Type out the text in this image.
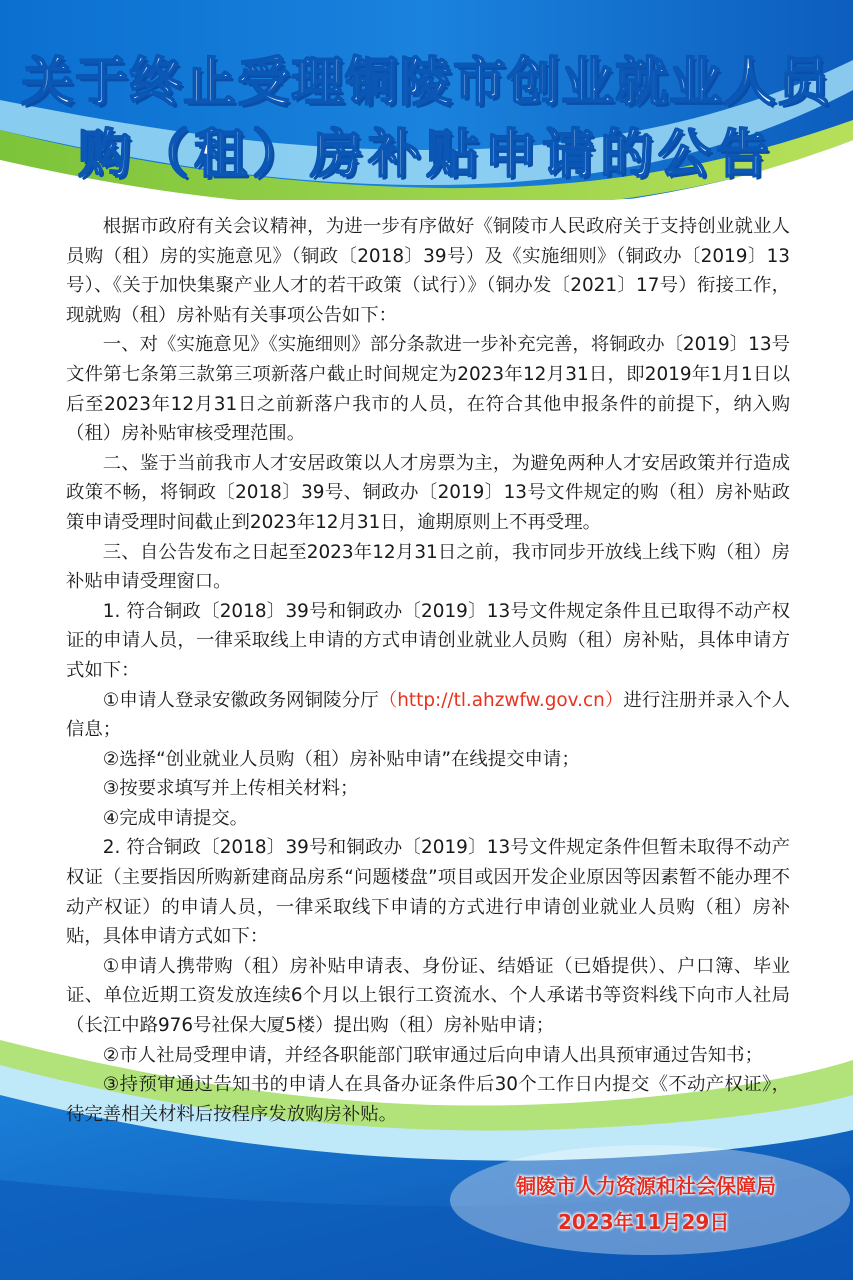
关于终止受理铜陵市创业就业人员
购（租）房补贴申请的公告

根据市政府有关会议精神，为进一步有序做好《铜陵市人民政府关于支持创业就业人员购（租）房的实施意见》（铜政〔2018〕39号）及《实施细则》（铜政办〔2019〕13号）、《关于加快集聚产业人才的若干政策（试行）》（铜办发〔2021〕17号）衔接工作，现就购（租）房补贴有关事项公告如下：

一、对《实施意见》《实施细则》部分条款进一步补充完善，将铜政办〔2019〕13号文件第七条第三款第三项新落户截止时间规定为2023年12月31日，即2019年1月1日以后至2023年12月31日之前新落户我市的人员，在符合其他申报条件的前提下，纳入购（租）房补贴审核受理范围。

二、鉴于当前我市人才安居政策以人才房票为主，为避免两种人才安居政策并行造成政策不畅，将铜政〔2018〕39号、铜政办〔2019〕13号文件规定的购（租）房补贴政策申请受理时间截止到2023年12月31日，逾期原则上不再受理。

三、自公告发布之日起至2023年12月31日之前，我市同步开放线上线下购（租）房补贴申请受理窗口。

1. 符合铜政〔2018〕39号和铜政办〔2019〕13号文件规定条件且已取得不动产权证的申请人员，一律采取线上申请的方式申请创业就业人员购（租）房补贴，具体申请方式如下：

①申请人登录安徽政务网铜陵分厅（http://tl.ahzwfw.gov.cn）进行注册并录入个人信息；

②选择“创业就业人员购（租）房补贴申请”在线提交申请；

③按要求填写并上传相关材料；

④完成申请提交。

2. 符合铜政〔2018〕39号和铜政办〔2019〕13号文件规定条件但暂未取得不动产权证（主要指因所购新建商品房系“问题楼盘”项目或因开发企业原因等因素暂不能办理不动产权证）的申请人员，一律采取线下申请的方式进行申请创业就业人员购（租）房补贴，具体申请方式如下：

①申请人携带购（租）房补贴申请表、身份证、结婚证（已婚提供）、户口簿、毕业证、单位近期工资发放连续6个月以上银行工资流水、个人承诺书等资料线下向市人社局（长江中路976号社保大厦5楼）提出购（租）房补贴申请；

②市人社局受理申请，并经各职能部门联审通过后向申请人出具预审通过告知书；

③持预审通过告知书的申请人在具备办证条件后30个工作日内提交《不动产权证》，待完善相关材料后按程序发放购房补贴。

铜陵市人力资源和社会保障局
2023年11月29日
